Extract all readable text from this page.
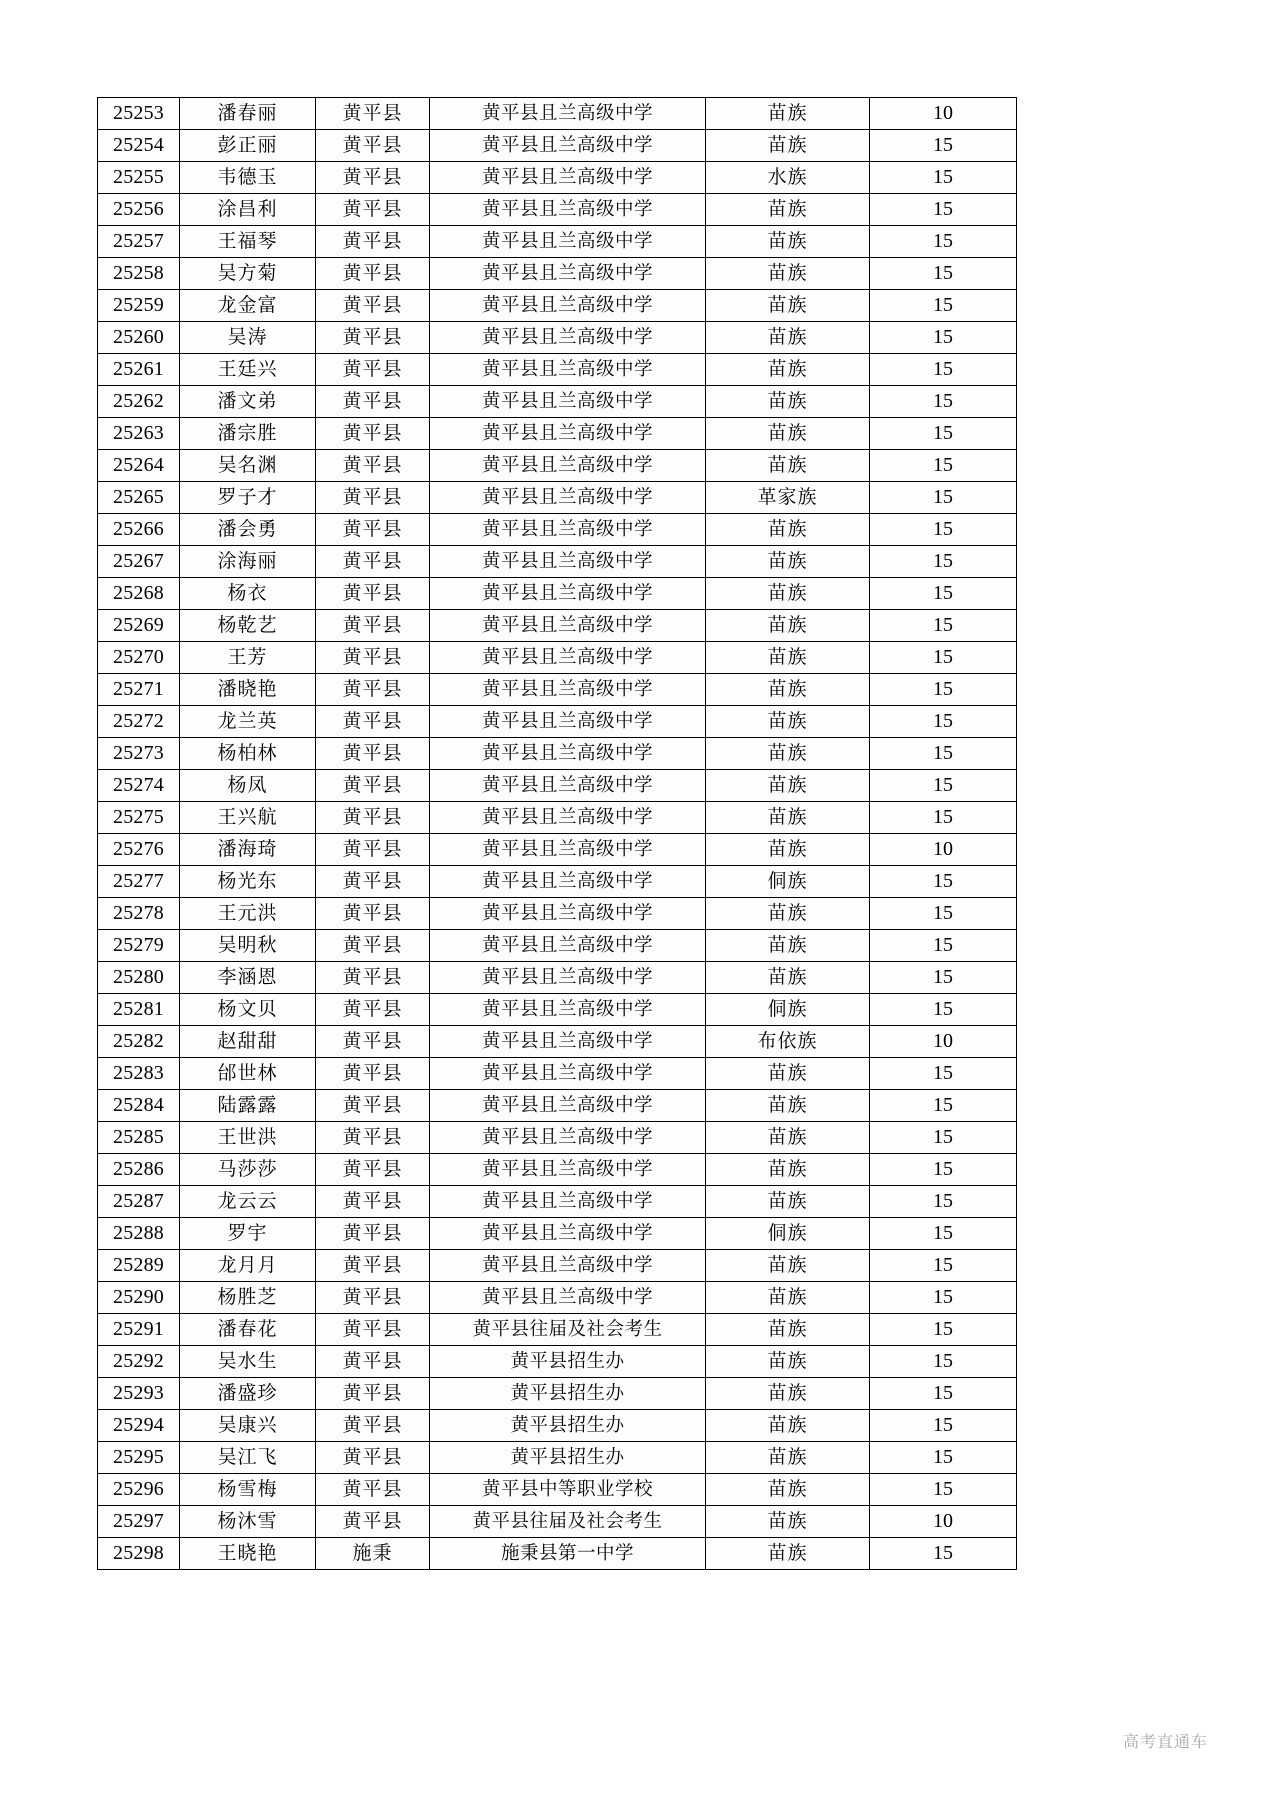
25253	潘春丽	黄平县	黄平县且兰高级中学	苗族	10
25254	彭正丽	黄平县	黄平县且兰高级中学	苗族	15
25255	韦德玉	黄平县	黄平县且兰高级中学	水族	15
25256	涂昌利	黄平县	黄平县且兰高级中学	苗族	15
25257	王福琴	黄平县	黄平县且兰高级中学	苗族	15
25258	吴方菊	黄平县	黄平县且兰高级中学	苗族	15
25259	龙金富	黄平县	黄平县且兰高级中学	苗族	15
25260	吴涛	黄平县	黄平县且兰高级中学	苗族	15
25261	王廷兴	黄平县	黄平县且兰高级中学	苗族	15
25262	潘文弟	黄平县	黄平县且兰高级中学	苗族	15
25263	潘宗胜	黄平县	黄平县且兰高级中学	苗族	15
25264	吴名渊	黄平县	黄平县且兰高级中学	苗族	15
25265	罗子才	黄平县	黄平县且兰高级中学	革家族	15
25266	潘会勇	黄平县	黄平县且兰高级中学	苗族	15
25267	涂海丽	黄平县	黄平县且兰高级中学	苗族	15
25268	杨衣	黄平县	黄平县且兰高级中学	苗族	15
25269	杨乾艺	黄平县	黄平县且兰高级中学	苗族	15
25270	王芳	黄平县	黄平县且兰高级中学	苗族	15
25271	潘晓艳	黄平县	黄平县且兰高级中学	苗族	15
25272	龙兰英	黄平县	黄平县且兰高级中学	苗族	15
25273	杨柏林	黄平县	黄平县且兰高级中学	苗族	15
25274	杨凤	黄平县	黄平县且兰高级中学	苗族	15
25275	王兴航	黄平县	黄平县且兰高级中学	苗族	15
25276	潘海琦	黄平县	黄平县且兰高级中学	苗族	10
25277	杨光东	黄平县	黄平县且兰高级中学	侗族	15
25278	王元洪	黄平县	黄平县且兰高级中学	苗族	15
25279	吴明秋	黄平县	黄平县且兰高级中学	苗族	15
25280	李涵恩	黄平县	黄平县且兰高级中学	苗族	15
25281	杨文贝	黄平县	黄平县且兰高级中学	侗族	15
25282	赵甜甜	黄平县	黄平县且兰高级中学	布依族	10
25283	邰世林	黄平县	黄平县且兰高级中学	苗族	15
25284	陆露露	黄平县	黄平县且兰高级中学	苗族	15
25285	王世洪	黄平县	黄平县且兰高级中学	苗族	15
25286	马莎莎	黄平县	黄平县且兰高级中学	苗族	15
25287	龙云云	黄平县	黄平县且兰高级中学	苗族	15
25288	罗宇	黄平县	黄平县且兰高级中学	侗族	15
25289	龙月月	黄平县	黄平县且兰高级中学	苗族	15
25290	杨胜芝	黄平县	黄平县且兰高级中学	苗族	15
25291	潘春花	黄平县	黄平县往届及社会考生	苗族	15
25292	吴水生	黄平县	黄平县招生办	苗族	15
25293	潘盛珍	黄平县	黄平县招生办	苗族	15
25294	吴康兴	黄平县	黄平县招生办	苗族	15
25295	吴江飞	黄平县	黄平县招生办	苗族	15
25296	杨雪梅	黄平县	黄平县中等职业学校	苗族	15
25297	杨沐雪	黄平县	黄平县往届及社会考生	苗族	10
25298	王晓艳	施秉	施秉县第一中学	苗族	15
高考直通车
